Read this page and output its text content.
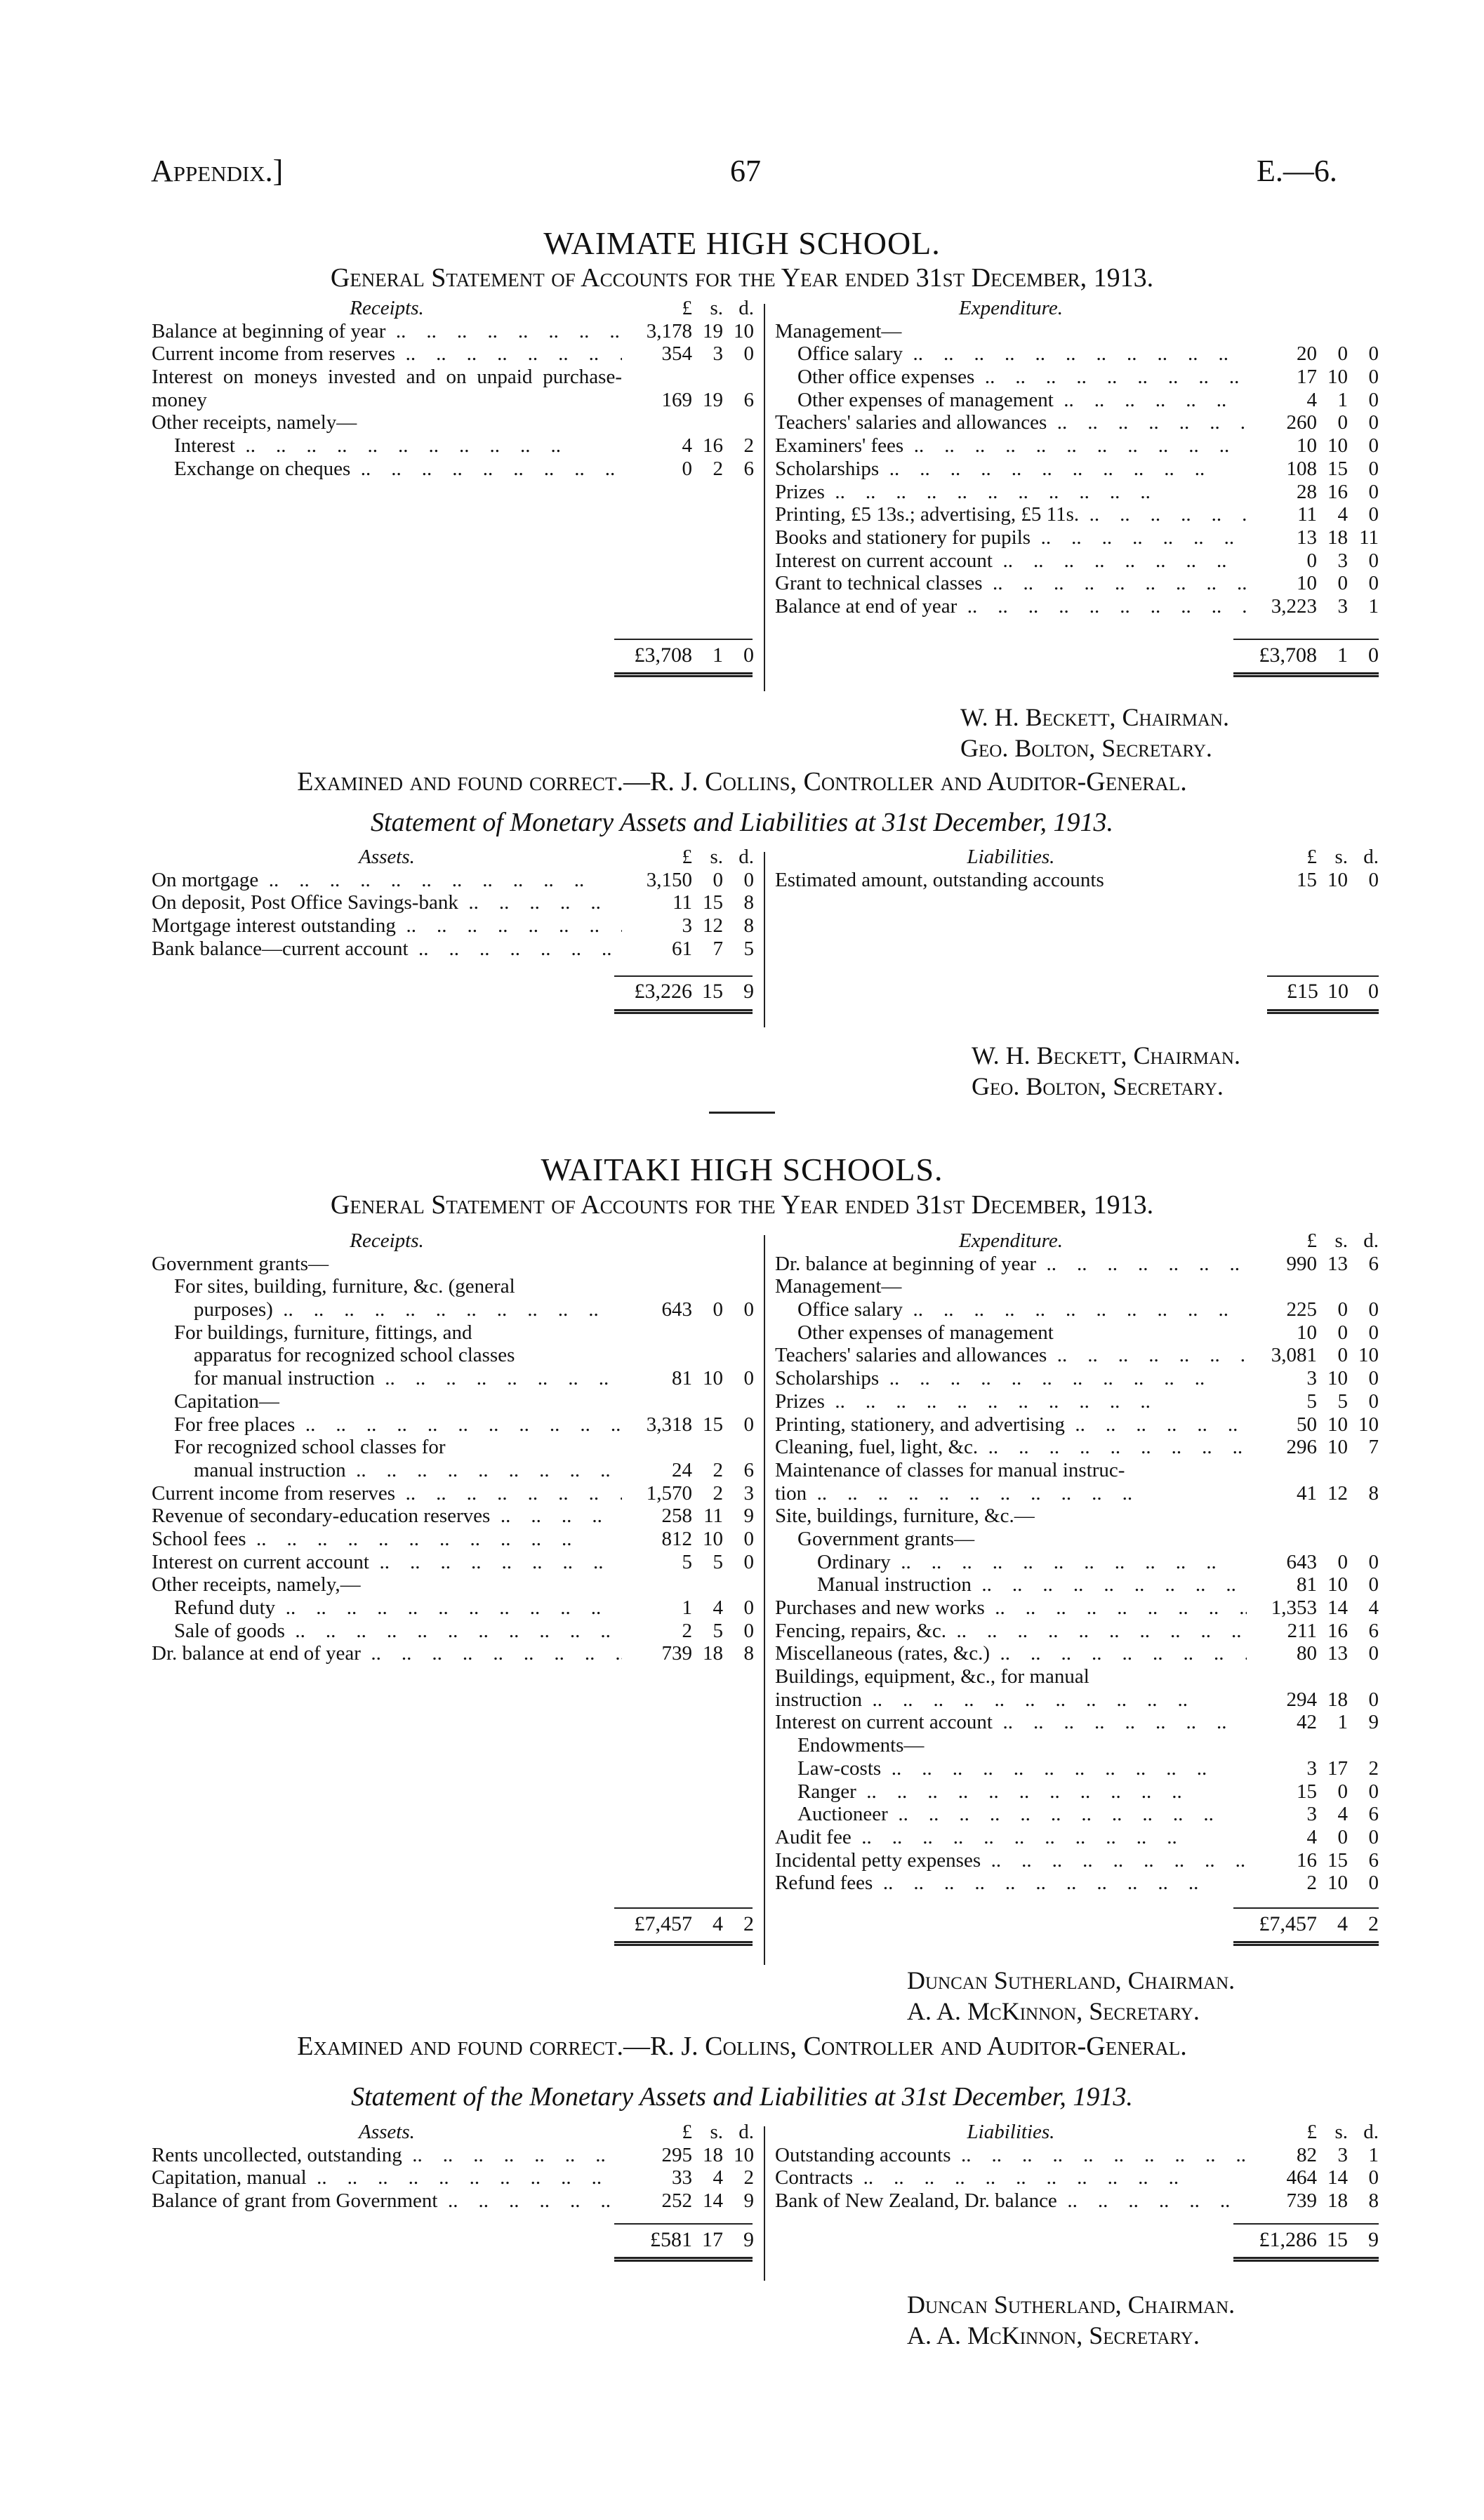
Appendix.]	67	E.—6.
WAIMATE HIGH SCHOOL.
General Statement of Accounts for the Year ended 31st December, 1913.
Receipts.	£ s. d.
Balance at beginning of year ..	3,178 19 10
Current income from reserves ..	354	3	0
Interest on moneys invested and on unpaid purchase-money	169 19	6
Other receipts, namely—
Interest ..	4 16	2
Exchange on cheques ..	0	2	6
Expenditure.
Management—
Office salary ..	20	0	0
Other office expenses ..	17 10	0
Other expenses of management ..	4	1	0
Teachers' salaries and allowances ..	260	0	0
Examiners' fees ..	10 10	0
Scholarships ..	108 15	0
Prizes ..	28 16	0
Printing, £5 13s.; advertising, £5 11s. ..	11	4	0
Books and stationery for pupils ..	13 18 11
Interest on current account ..	0	3	0
Grant to technical classes ..	10	0	0
Balance at end of year ..	3,223	3	1
£3,708 1 0	£3,708 1 0
W. H. Beckett, Chairman.
Geo. Bolton, Secretary.
Examined and found correct.—R. J. Collins, Controller and Auditor-General.
Statement of Monetary Assets and Liabilities at 31st December, 1913.
Assets.	£ s. d.
On mortgage ..	3,150	0	0
On deposit, Post Office Savings-bank ..	11 15	8
Mortgage interest outstanding ..	3 12	8
Bank balance—current account ..	61	7	5
Liabilities.	£ s. d.
Estimated amount, outstanding accounts	15 10	0
£3,226 15 9	£15 10 0
W. H. Beckett, Chairman.
Geo. Bolton, Secretary.
WAITAKI HIGH SCHOOLS.
General Statement of Accounts for the Year ended 31st December, 1913.
Receipts.
Government grants—
For sites, building, furniture, &c. (general
purposes) ..	643	0	0
For buildings, furniture, fittings, and
apparatus for recognized school classes
for manual instruction ..	81 10	0
Capitation—
For free places ..	3,318 15	0
For recognized school classes for
manual instruction ..	24	2	6
Current income from reserves ..	1,570	2	3
Revenue of secondary-education reserves ..	258 11	9
School fees ..	812 10	0
Interest on current account ..	5	5	0
Other receipts, namely,—
Refund duty ..	1	4	0
Sale of goods ..	2	5	0
Dr. balance at end of year ..	739 18	8
Expenditure.	£ s. d.
Dr. balance at beginning of year ..	990 13	6
Management—
Office salary ..	225	0	0
Other expenses of management	10	0	0
Teachers' salaries and allowances ..	3,081	0 10
Scholarships ..	3 10	0
Prizes ..	5	5	0
Printing, stationery, and advertising ..	50 10 10
Cleaning, fuel, light, &c. ..	296 10	7
Maintenance of classes for manual instruc-
tion ..	41 12	8
Site, buildings, furniture, &c.—
Government grants—
Ordinary ..	643	0	0
Manual instruction ..	81 10	0
Purchases and new works ..	1,353 14	4
Fencing, repairs, &c. ..	211 16	6
Miscellaneous (rates, &c.) ..	80 13	0
Buildings, equipment, &c., for manual
instruction ..	294 18	0
Interest on current account ..	42	1	9
Endowments—
Law-costs ..	3 17	2
Ranger ..	15	0	0
Auctioneer ..	3	4	6
Audit fee ..	4	0	0
Incidental petty expenses ..	16 15	6
Refund fees ..	2 10	0
£7,457 4 2	£7,457 4 2
Duncan Sutherland, Chairman.
A. A. McKinnon, Secretary.
Examined and found correct.—R. J. Collins, Controller and Auditor-General.
Statement of the Monetary Assets and Liabilities at 31st December, 1913.
Assets.	£ s. d.
Rents uncollected, outstanding ..	295 18 10
Capitation, manual ..	33	4	2
Balance of grant from Government ..	252 14	9
Liabilities.	£ s. d.
Outstanding accounts ..	82	3	1
Contracts ..	464 14	0
Bank of New Zealand, Dr. balance ..	739 18	8
£581 17 9	£1,286 15 9
Duncan Sutherland, Chairman.
A. A. McKinnon, Secretary.
